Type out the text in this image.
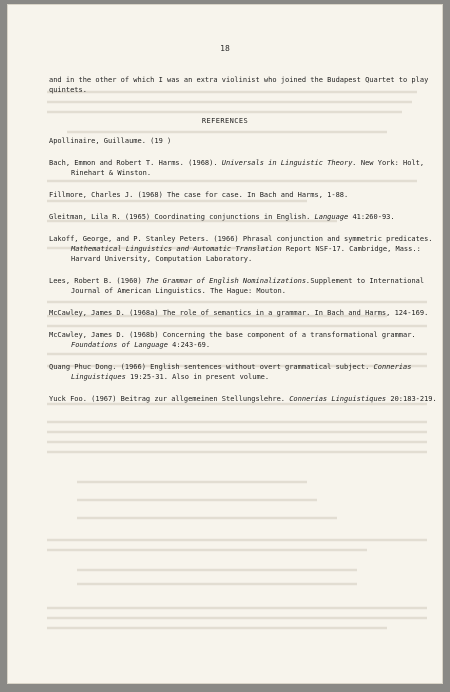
18
and in the other of which I was an extra violinist who joined the Budapest Quartet to play quintets.
REFERENCES
Apollinaire, Guillaume. (19 )
Bach, Emmon and Robert T. Harms. (1968). Universals in Linguistic Theory. New York: Holt, Rinehart & Winston.
Fillmore, Charles J. (1968) The case for case. In Bach and Harms, 1-88.
Gleitman, Lila R. (1965) Coordinating conjunctions in English. Language 41:260-93.
Lakoff, George, and P. Stanley Peters. (1966) Phrasal conjunction and symmetric predicates. Mathematical Linguistics and Automatic Translation Report NSF-17. Cambridge, Mass.: Harvard University, Computation Laboratory.
Lees, Robert B. (1960) The Grammar of English Nominalizations.Supplement to International Journal of American Linguistics. The Hague: Mouton.
McCawley, James D. (1968a) The role of semantics in a grammar. In Bach and Harms, 124-169.
McCawley, James D. (1968b) Concerning the base component of a transformational grammar. Foundations of Language 4:243-69.
Quang Phuc Dong. (1966) English sentences without overt grammatical subject. Connerias Linguistiques 19:25-31. Also in present volume.
Yuck Foo. (1967) Beitrag zur allgemeinen Stellungslehre. Connerias Linguistiques 20:183-219.
